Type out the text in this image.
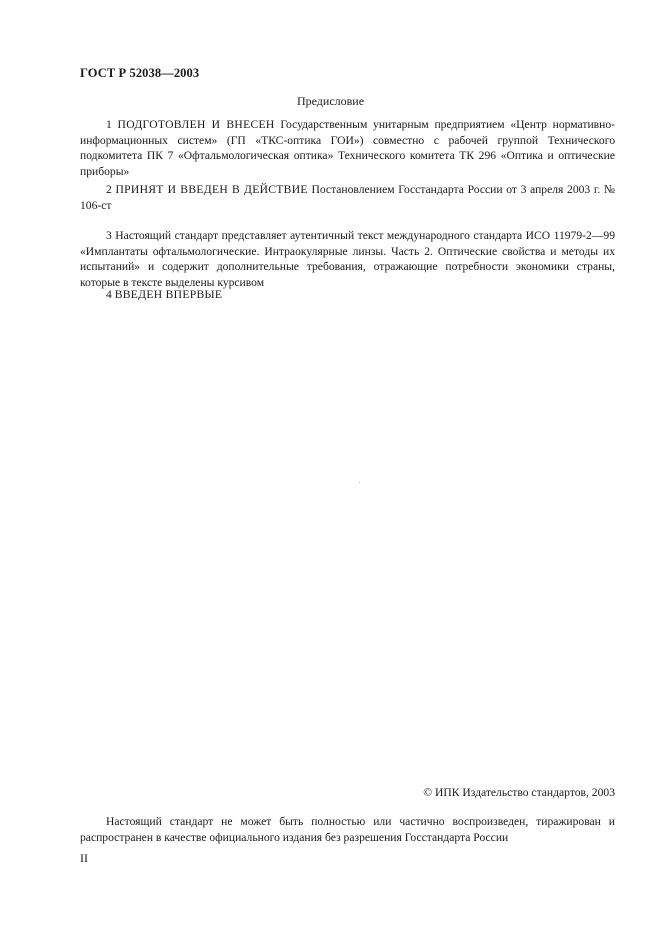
ГОСТ Р 52038—2003
Предисловие

1 ПОДГОТОВЛЕН И ВНЕСЕН Государственным унитарным предприятием «Центр нормативно-информационных систем» (ГП «ТКС-оптика ГОИ») совместно с рабочей группой Технического подкомитета ПК 7 «Офтальмологическая оптика» Технического комитета ТК 296 «Оптика и оптические приборы»

2 ПРИНЯТ И ВВЕДЕН В ДЕЙСТВИЕ Постановлением Госстандарта России от 3 апреля 2003 г. № 106-ст

3 Настоящий стандарт представляет аутентичный текст международного стандарта ИСО 11979-2—99 «Имплантаты офтальмологические. Интраокулярные линзы. Часть 2. Оптические свойства и методы их испытаний» и содержит дополнительные требования, отражающие потребности экономики страны, которые в тексте выделены курсивом

4 ВВЕДЕН ВПЕРВЫЕ

© ИПК Издательство стандартов, 2003

Настоящий стандарт не может быть полностью или частично воспроизведен, тиражирован и распространен в качестве официального издания без разрешения Госстандарта России

II
